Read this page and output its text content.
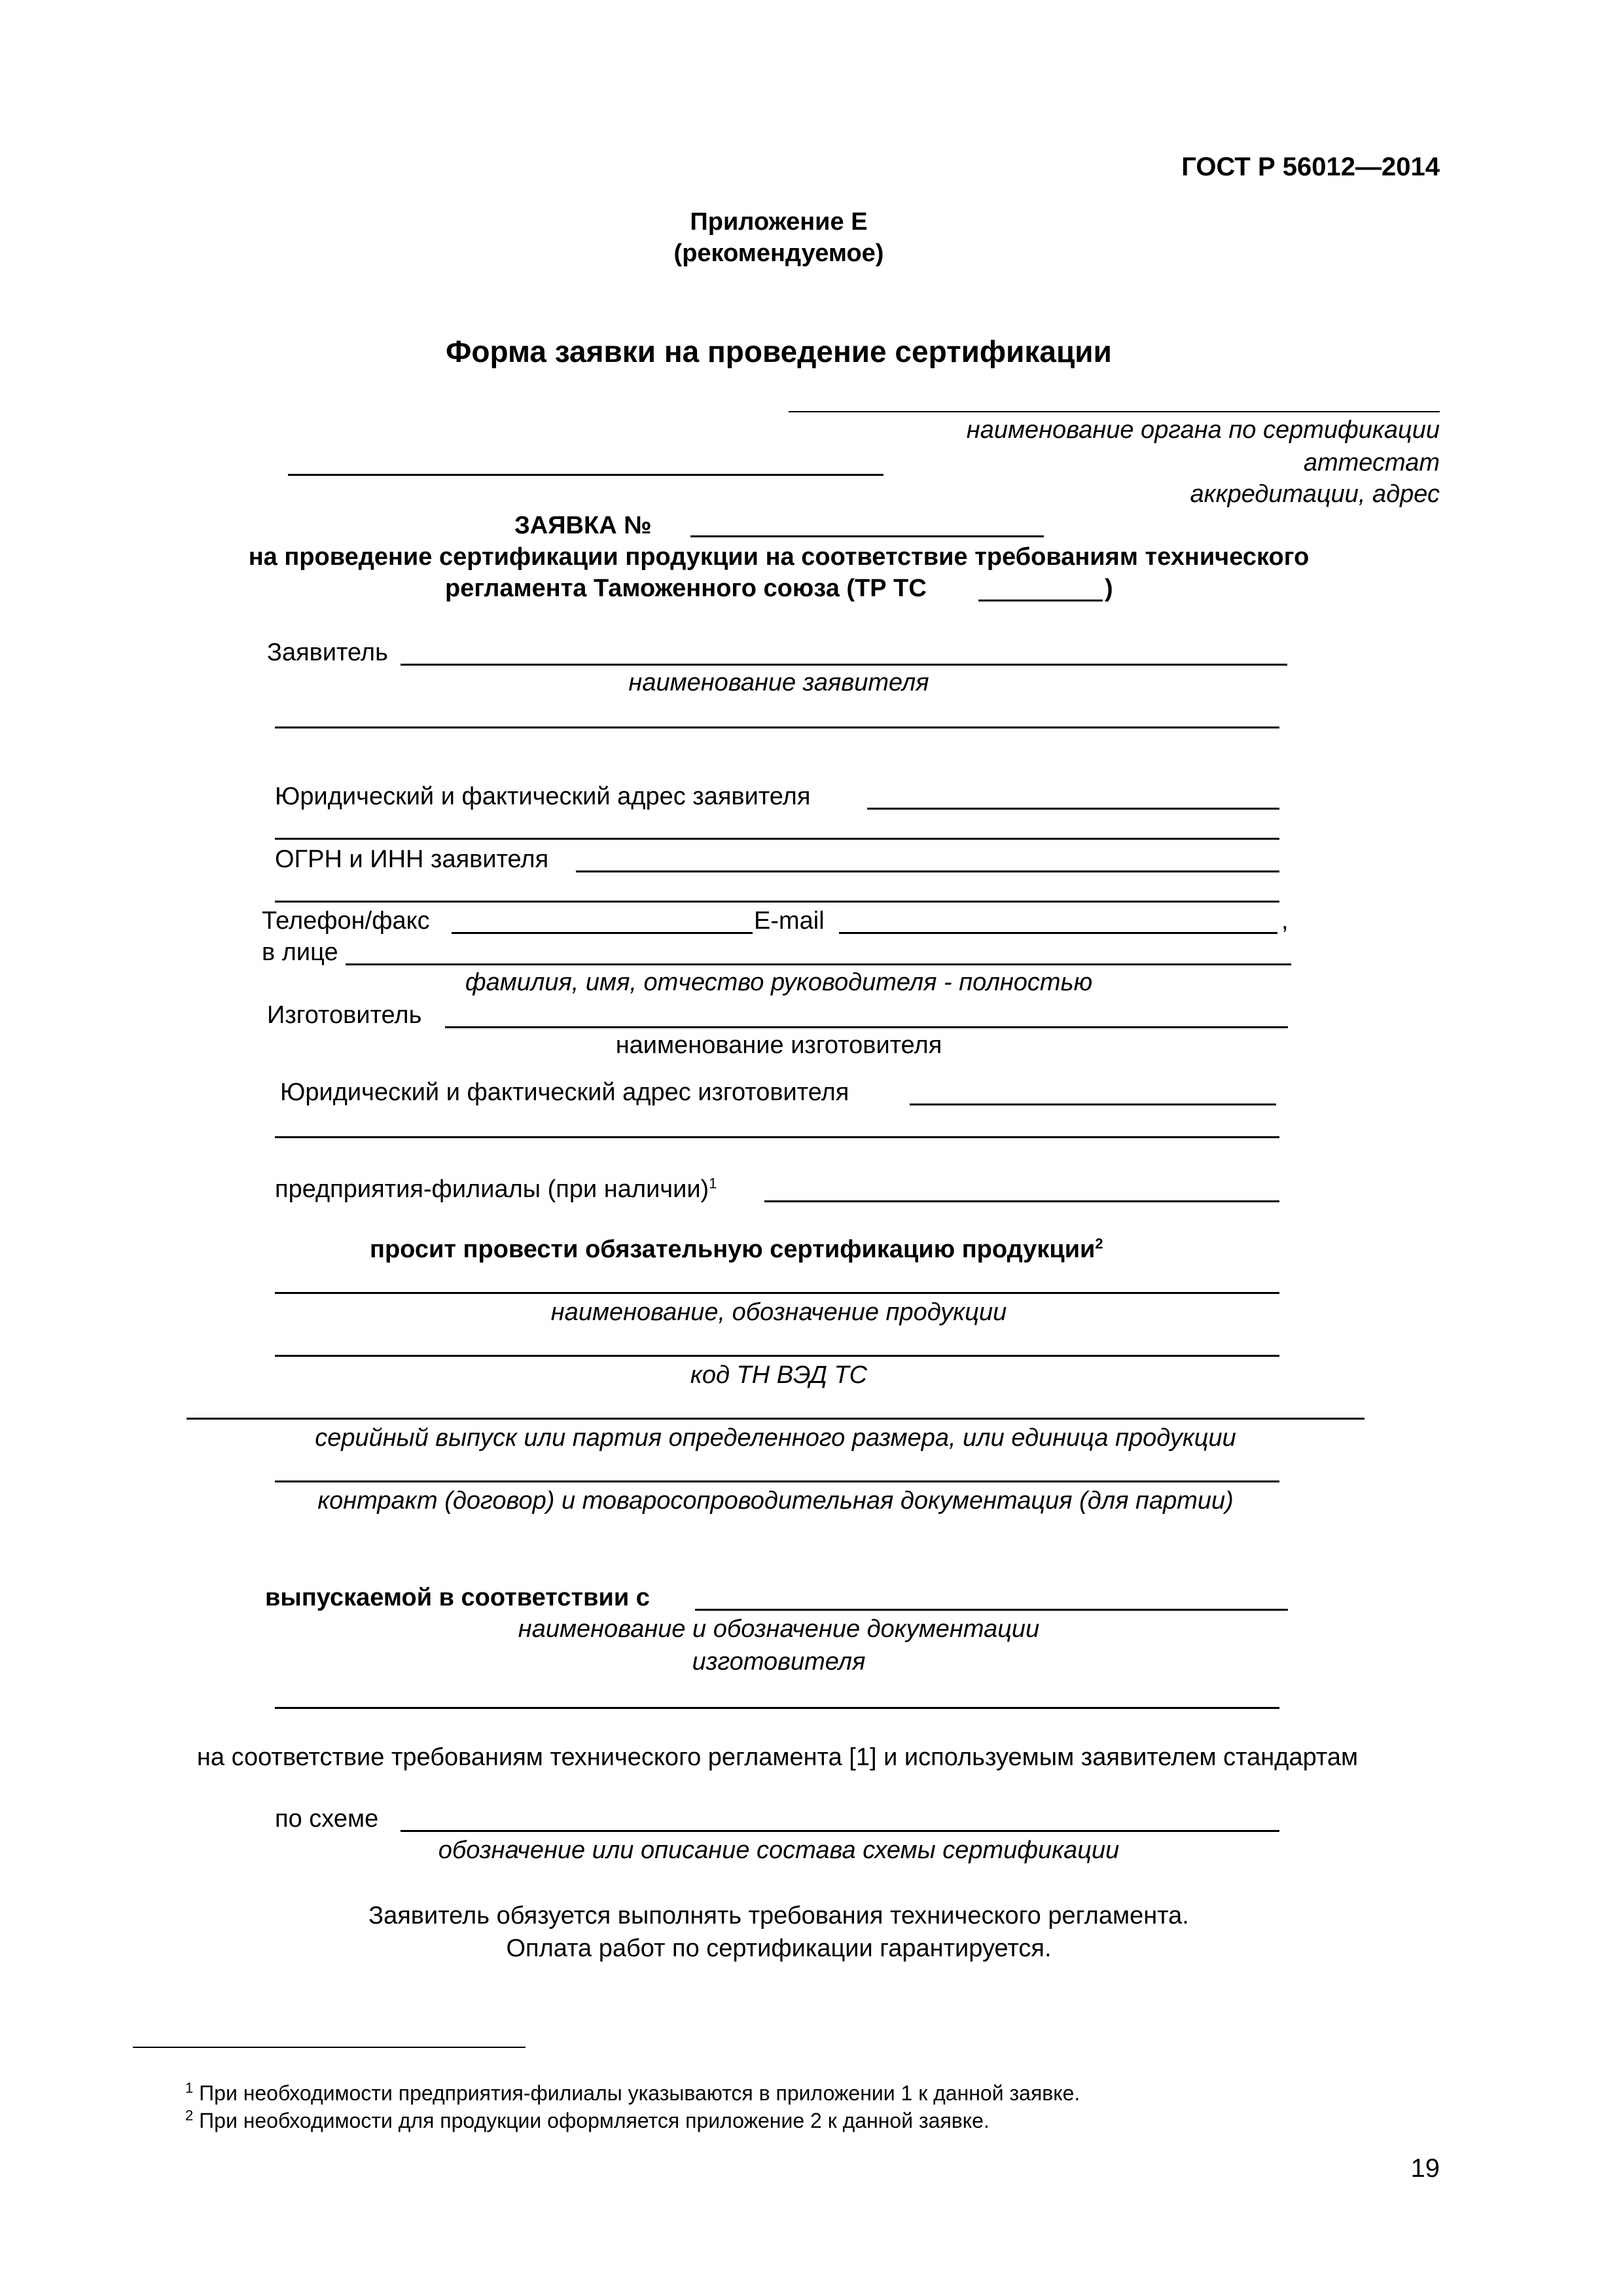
ГОСТ Р 56012—2014
Приложение Е
(рекомендуемое)
Форма заявки на проведение сертификации
наименование органа по сертификации
аттестат
аккредитации, адрес
ЗАЯВКА №
на проведение сертификации продукции на соответствие требованиям технического
регламента Таможенного союза (ТР ТС	)
Заявитель
наименование заявителя
Юридический и фактический адрес заявителя
ОГРН и ИНН заявителя
Телефон/факс	E-mail	,
в лице
фамилия, имя, отчество руководителя - полностью
Изготовитель
наименование изготовителя
Юридический и фактический адрес изготовителя
предприятия-филиалы (при наличии)$^1$
просит провести обязательную сертификацию продукции$^2$
наименование, обозначение продукции
код ТН ВЭД ТС
серийный выпуск или партия определенного размера, или единица продукции
контракт (договор) и товаросопроводительная документация (для партии)
выпускаемой в соответствии с
наименование и обозначение документации
изготовителя
на соответствие требованиям технического регламента [1] и используемым заявителем стандартам
по схеме
обозначение или описание состава схемы сертификации
Заявитель обязуется выполнять требования технического регламента.
Оплата работ по сертификации гарантируется.
$^1$ При необходимости предприятия-филиалы указываются в приложении 1 к данной заявке.
$^2$ При необходимости для продукции оформляется приложение 2 к данной заявке.
19
